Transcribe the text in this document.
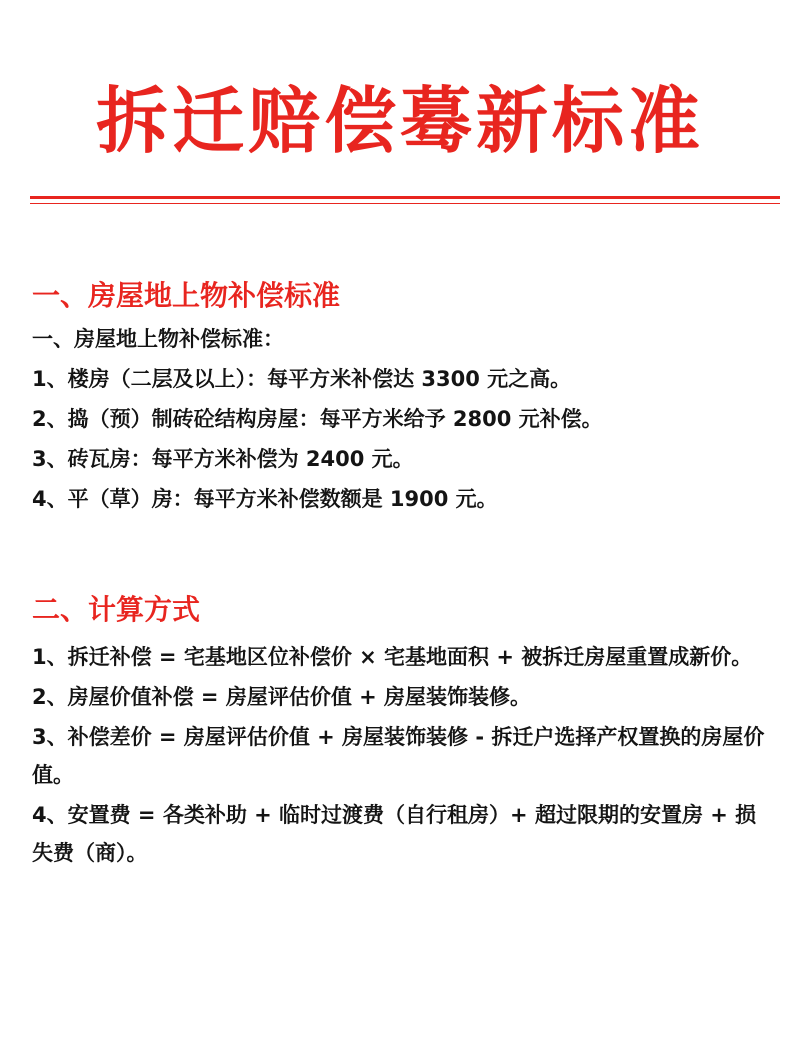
拆迁赔偿蓦新标准
一、房屋地上物补偿标准
一、房屋地上物补偿标准：
1、楼房（二层及以上）：每平方米补偿达 3300 元之高。
2、捣（预）制砖砼结构房屋：每平方米给予 2800 元补偿。
3、砖瓦房：每平方米补偿为 2400 元。
4、平（草）房：每平方米补偿数额是 1900 元。
二、计算方式
1、拆迁补偿 = 宅基地区位补偿价 × 宅基地面积 + 被拆迁房屋重置成新价。
2、房屋价值补偿 = 房屋评估价值 + 房屋装饰装修。
3、补偿差价 = 房屋评估价值 + 房屋装饰装修 - 拆迁户选择产权置换的房屋价值。
4、安置费 = 各类补助 + 临时过渡费（自行租房）+ 超过限期的安置房 + 损失费（商）。
